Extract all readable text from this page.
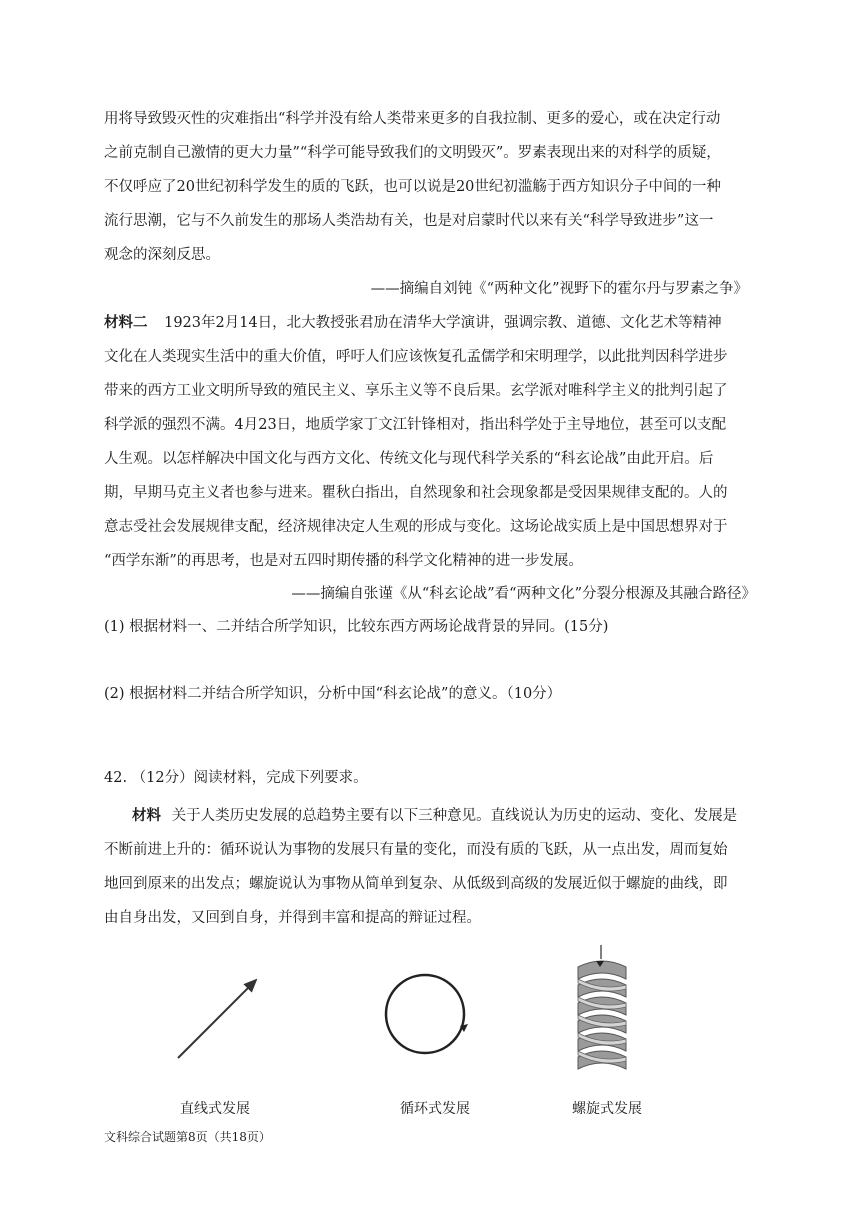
用将导致毁灭性的灾难指出“科学并没有给人类带来更多的自我拉制、更多的爱心，或在决定行动
之前克制自己激情的更大力量”“科学可能导致我们的文明毁灭”。罗素表现出来的对科学的质疑，
不仅呼应了20世纪初科学发生的质的飞跃，也可以说是20世纪初滥觞于西方知识分子中间的一种
流行思潮，它与不久前发生的那场人类浩劫有关，也是对启蒙时代以来有关“科学导致进步”这一
观念的深刻反思。
——摘编自刘钝《“两种文化”视野下的霍尔丹与罗素之争》
材料二 1923年2月14日，北大教授张君劢在清华大学演讲，强调宗教、道德、文化艺术等精神
文化在人类现实生活中的重大价值，呼吁人们应该恢复孔孟儒学和宋明理学，以此批判因科学进步
带来的西方工业文明所导致的殖民主义、享乐主义等不良后果。玄学派对唯科学主义的批判引起了
科学派的强烈不满。4月23日，地质学家丁文江针锋相对，指出科学处于主导地位，甚至可以支配
人生观。以怎样解决中国文化与西方文化、传统文化与现代科学关系的“科玄论战”由此开启。后
期，早期马克主义者也参与进来。瞿秋白指出，自然现象和社会现象都是受因果规律支配的。人的
意志受社会发展规律支配，经济规律决定人生观的形成与变化。这场论战实质上是中国思想界对于
“西学东渐”的再思考，也是对五四时期传播的科学文化精神的进一步发展。
——摘编自张谨《从“科玄论战”看“两种文化”分裂分根源及其融合路径》
(1) 根据材料一、二并结合所学知识，比较东西方两场论战背景的异同。(15分)
(2) 根据材料二并结合所学知识，分析中国“科玄论战”的意义。（10分）
42. （12分）阅读材料，完成下列要求。
材料 关于人类历史发展的总趋势主要有以下三种意见。直线说认为历史的运动、变化、发展是
不断前进上升的：循环说认为事物的发展只有量的变化，而没有质的飞跃，从一点出发，周而复始
地回到原来的出发点；螺旋说认为事物从简单到复杂、从低级到高级的发展近似于螺旋的曲线，即
由自身出发，又回到自身，并得到丰富和提高的辩证过程。
直线式发展	循环式发展	螺旋式发展
文科综合试题第8页（共18页）
